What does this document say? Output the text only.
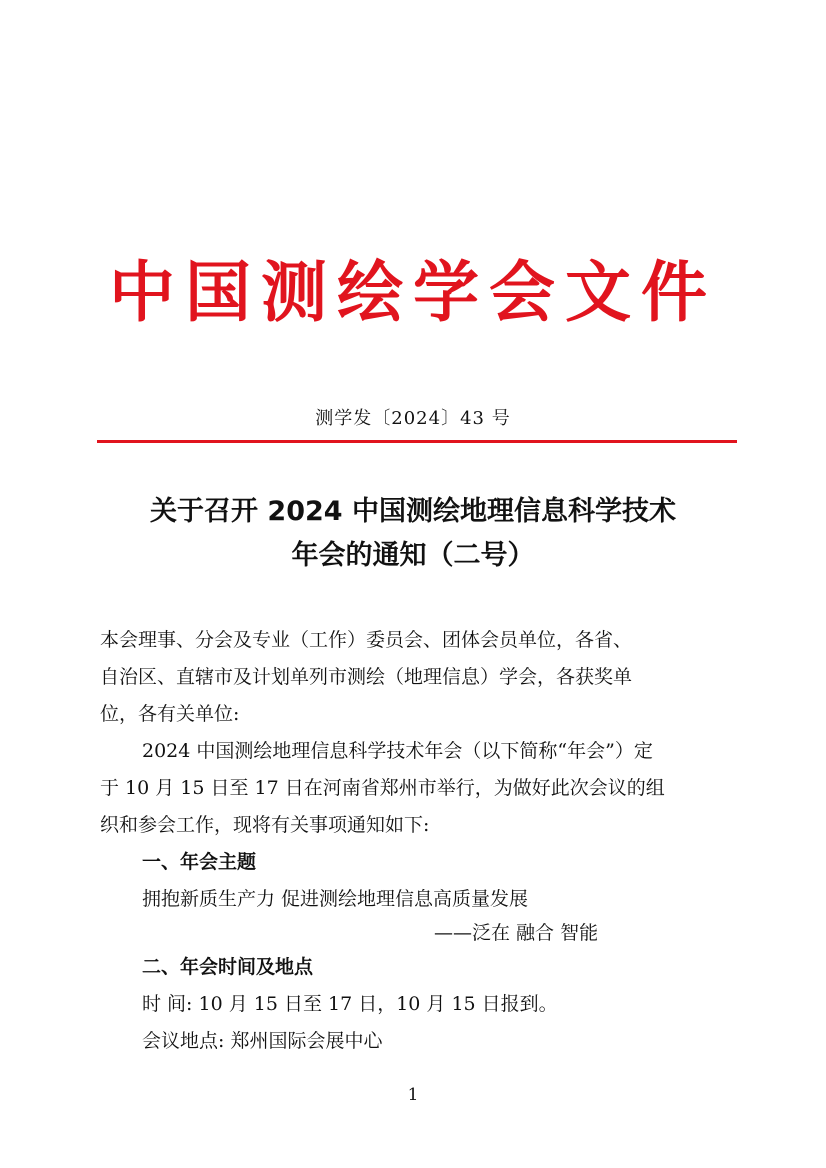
中国测绘学会文件
测学发〔2024〕43 号
关于召开 2024 中国测绘地理信息科学技术
年会的通知（二号）
本会理事、分会及专业（工作）委员会、团体会员单位，各省、
自治区、直辖市及计划单列市测绘（地理信息）学会，各获奖单
位，各有关单位:
2024 中国测绘地理信息科学技术年会（以下简称“年会”）定
于 10 月 15 日至 17 日在河南省郑州市举行，为做好此次会议的组
织和参会工作，现将有关事项通知如下:
一、年会主题
拥抱新质生产力 促进测绘地理信息高质量发展
——泛在 融合 智能
二、年会时间及地点
时 间: 10 月 15 日至 17 日，10 月 15 日报到。
会议地点: 郑州国际会展中心
1
